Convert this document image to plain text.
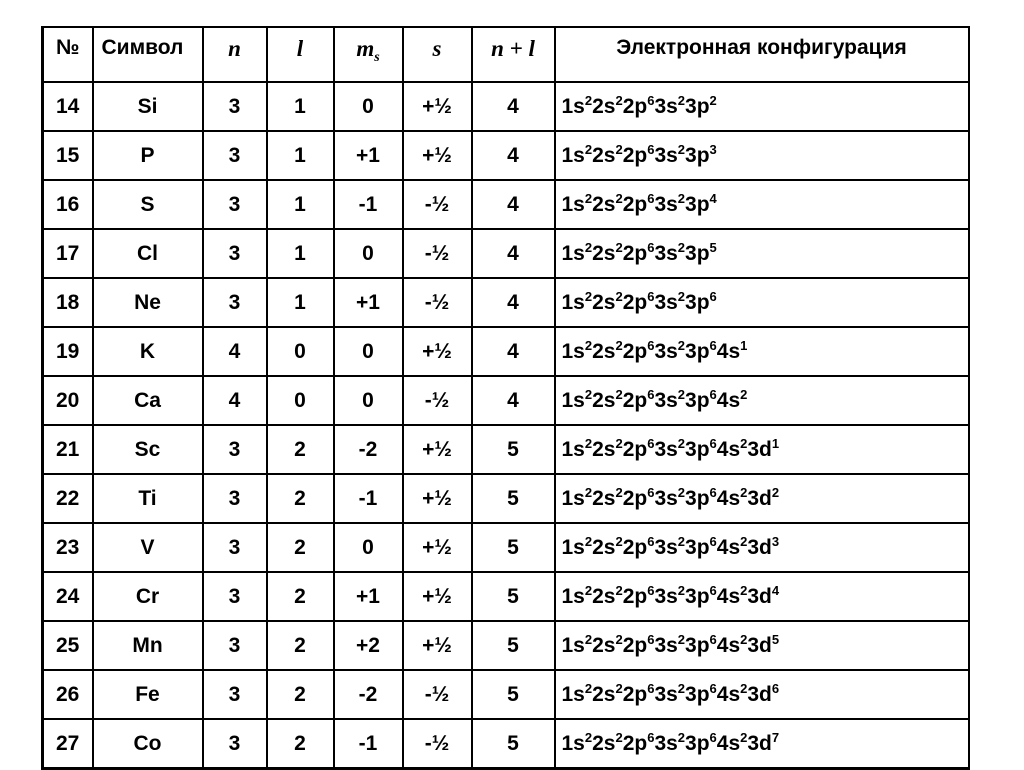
№	Символ	n	l	$m_s$	s	n + l	Электронная конфигурация
14	Si	3	1	0	+½	4	$1s^22s^22p^63s^23p^2$
15	P	3	1	+1	+½	4	$1s^22s^22p^63s^23p^3$
16	S	3	1	-1	-½	4	$1s^22s^22p^63s^23p^4$
17	Cl	3	1	0	-½	4	$1s^22s^22p^63s^23p^5$
18	Ne	3	1	+1	-½	4	$1s^22s^22p^63s^23p^6$
19	K	4	0	0	+½	4	$1s^22s^22p^63s^23p^64s^1$
20	Ca	4	0	0	-½	4	$1s^22s^22p^63s^23p^64s^2$
21	Sc	3	2	-2	+½	5	$1s^22s^22p^63s^23p^64s^23d^1$
22	Ti	3	2	-1	+½	5	$1s^22s^22p^63s^23p^64s^23d^2$
23	V	3	2	0	+½	5	$1s^22s^22p^63s^23p^64s^23d^3$
24	Cr	3	2	+1	+½	5	$1s^22s^22p^63s^23p^64s^23d^4$
25	Mn	3	2	+2	+½	5	$1s^22s^22p^63s^23p^64s^23d^5$
26	Fe	3	2	-2	-½	5	$1s^22s^22p^63s^23p^64s^23d^6$
27	Co	3	2	-1	-½	5	$1s^22s^22p^63s^23p^64s^23d^7$
